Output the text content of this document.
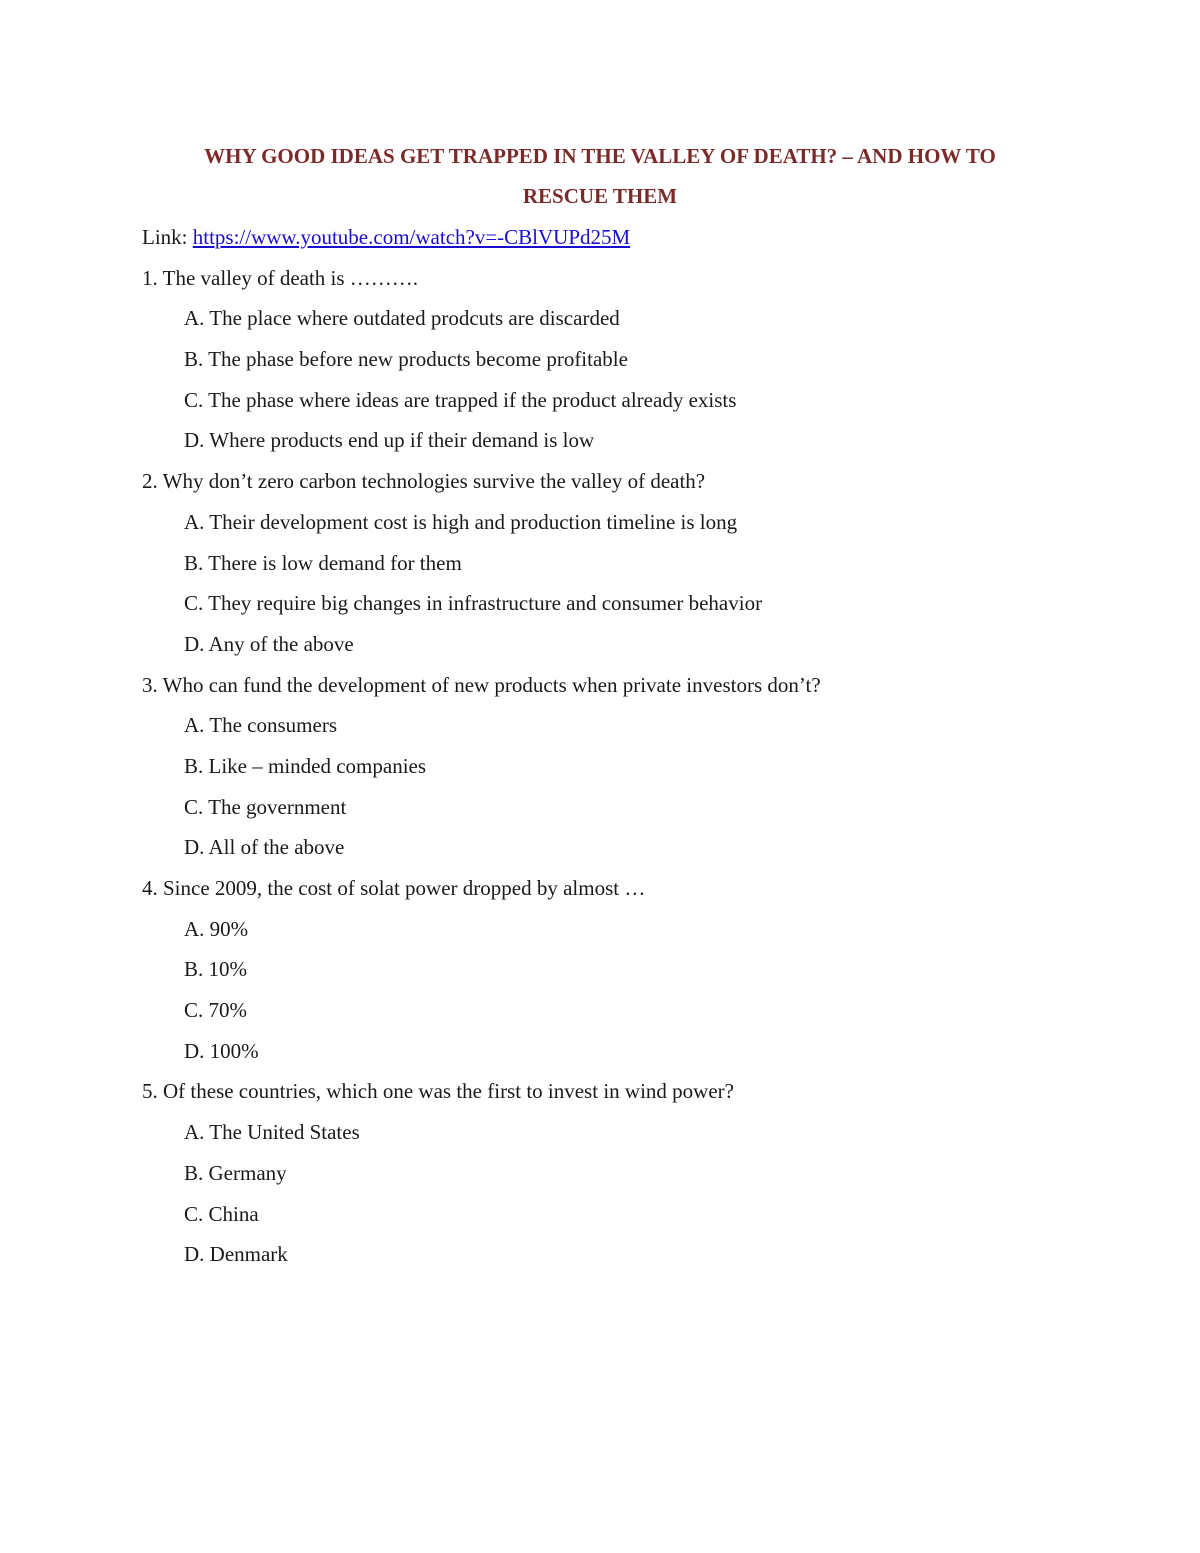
WHY GOOD IDEAS GET TRAPPED IN THE VALLEY OF DEATH? – AND HOW TO
RESCUE THEM
Link: https://www.youtube.com/watch?v=-CBlVUPd25M
1. The valley of death is ……….
A. The place where outdated prodcuts are discarded
B. The phase before new products become profitable
C. The phase where ideas are trapped if the product already exists
D. Where products end up if their demand is low
2. Why don’t zero carbon technologies survive the valley of death?
A. Their development cost is high and production timeline is long
B. There is low demand for them
C. They require big changes in infrastructure and consumer behavior
D. Any of the above
3. Who can fund the development of new products when private investors don’t?
A. The consumers
B. Like – minded companies
C. The government
D. All of the above
4. Since 2009, the cost of solat power dropped by almost …
A. 90%
B. 10%
C. 70%
D. 100%
5. Of these countries, which one was the first to invest in wind power?
A. The United States
B. Germany
C. China
D. Denmark
